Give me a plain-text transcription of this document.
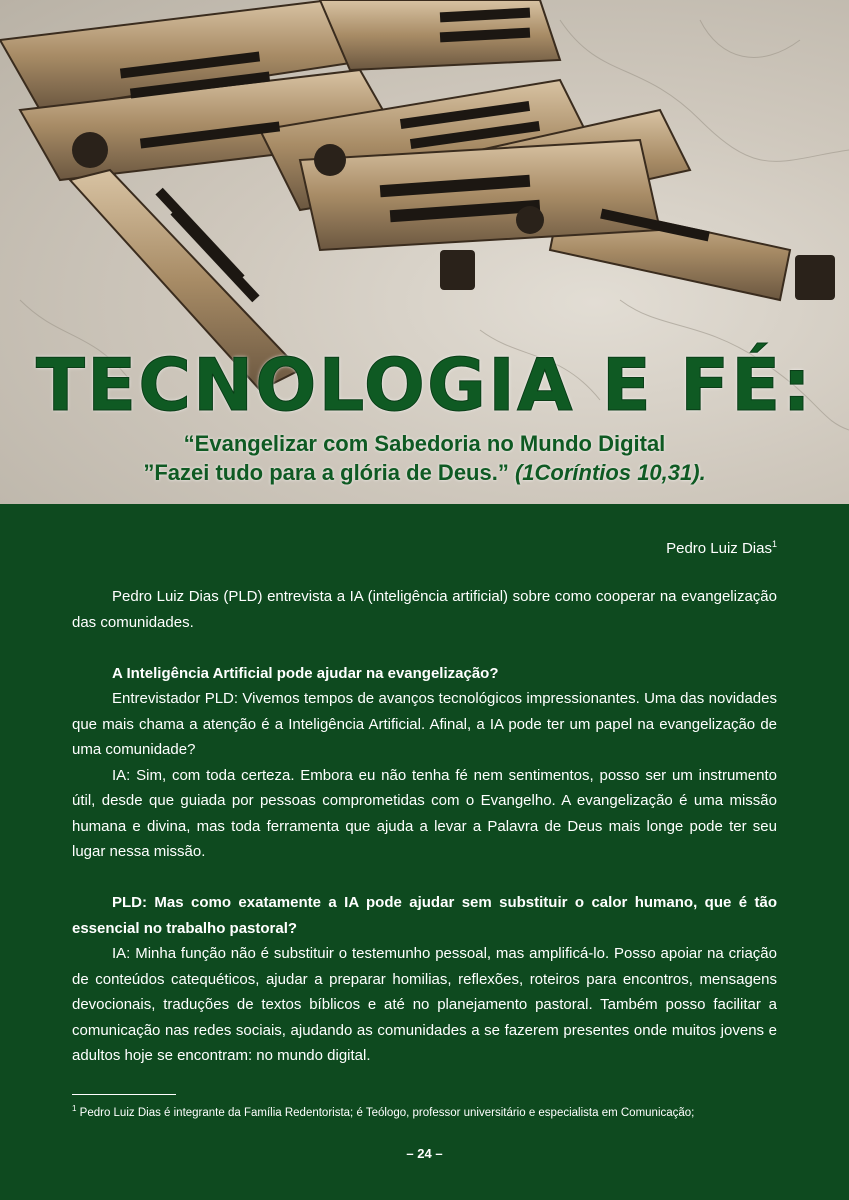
TECNOLOGIA E FÉ:

“Evangelizar com Sabedoria no Mundo Digital

”Fazei tudo para a glória de Deus.” (1Coríntios 10,31).

Pedro Luiz Dias$^1$

Pedro Luiz Dias (PLD) entrevista a IA (inteligência artificial) sobre como cooperar na evangelização das comunidades.

A Inteligência Artificial pode ajudar na evangelização?

Entrevistador PLD: Vivemos tempos de avanços tecnológicos impressionantes. Uma das novidades que mais chama a atenção é a Inteligência Artificial. Afinal, a IA pode ter um papel na evangelização de uma comunidade?

IA: Sim, com toda certeza. Embora eu não tenha fé nem sentimentos, posso ser um instrumento útil, desde que guiada por pessoas comprometidas com o Evangelho. A evangelização é uma missão humana e divina, mas toda ferramenta que ajuda a levar a Palavra de Deus mais longe pode ter seu lugar nessa missão.

PLD: Mas como exatamente a IA pode ajudar sem substituir o calor humano, que é tão essencial no trabalho pastoral?

IA: Minha função não é substituir o testemunho pessoal, mas amplificá-lo. Posso apoiar na criação de conteúdos catequéticos, ajudar a preparar homilias, reflexões, roteiros para encontros, mensagens devocionais, traduções de textos bíblicos e até no planejamento pastoral. Também posso facilitar a comunicação nas redes sociais, ajudando as comunidades a se fazerem presentes onde muitos jovens e adultos hoje se encontram: no mundo digital.

$^1$ Pedro Luiz Dias é integrante da Família Redentorista; é Teólogo, professor universitário e especialista em Comunicação;
– 24 –
